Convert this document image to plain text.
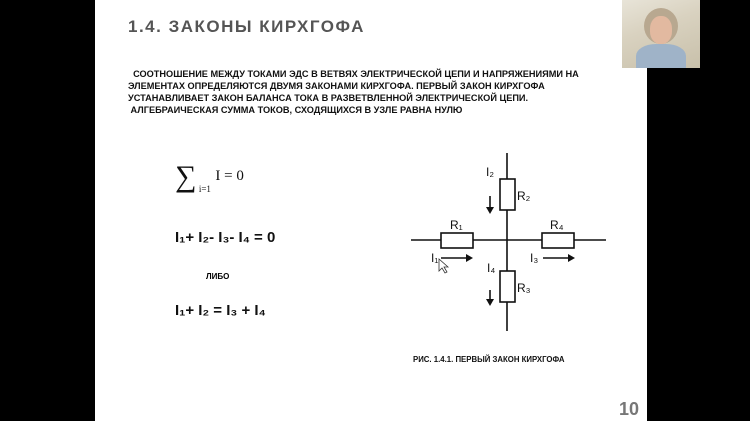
1.4. ЗАКОНЫ КИРХГОФА
СООТНОШЕНИЕ МЕЖДУ ТОКАМИ ЭДС В ВЕТВЯХ ЭЛЕКТРИЧЕСКОЙ ЦЕПИ И НАПРЯЖЕНИЯМИ НА
ЭЛЕМЕНТАХ ОПРЕДЕЛЯЮТСЯ ДВУМЯ ЗАКОНАМИ КИРХГОФА. ПЕРВЫЙ ЗАКОН КИРХГОФА
УСТАНАВЛИВАЕТ ЗАКОН БАЛАНСА ТОКА В РАЗВЕТВЛЕННОЙ ЭЛЕКТРИЧЕСКОЙ ЦЕПИ.
АЛГЕБРАИЧЕСКАЯ СУММА ТОКОВ, СХОДЯЩИХСЯ В УЗЛЕ РАВНА НУЛЮ
∑ $_{i=1}$ I = 0
I₁+ I₂- I₃- I₄ = 0
ЛИБО
I₁+ I₂ = I₃ + I₄
R₁
R₂
R₃
R₄
I₁
I₂
I₃
I₄
РИС. 1.4.1. ПЕРВЫЙ ЗАКОН КИРХГОФА
10
